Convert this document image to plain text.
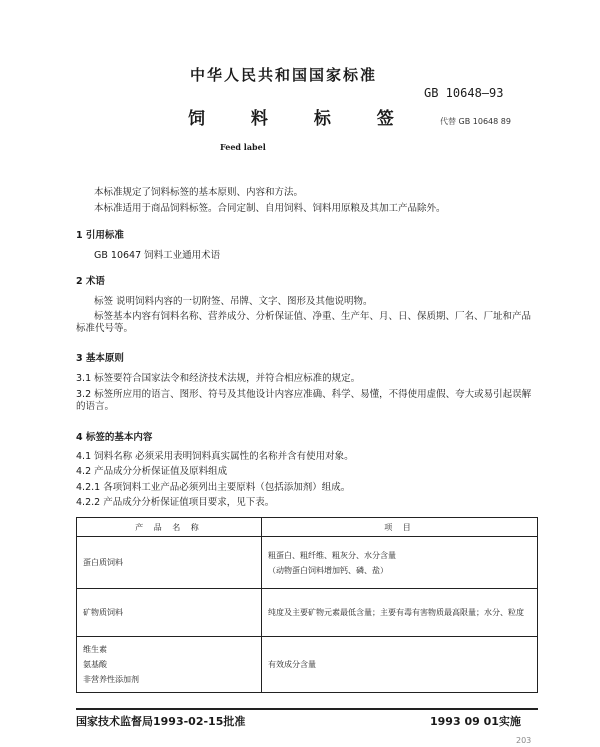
中华人民共和国国家标准
GB 10648—93
饲 料 标 签	代替 GB 10648 89
Feed label
本标准规定了饲料标签的基本原则、内容和方法。
本标准适用于商品饲料标签。合同定制、自用饲料、饲料用原粮及其加工产品除外。
1 引用标准
GB 10647 饲料工业通用术语
2 术语
标签 说明饲料内容的一切附签、吊牌、文字、图形及其他说明物。
标签基本内容有饲料名称、营养成分、分析保证值、净重、生产年、月、日、保质期、厂名、厂址和产品标准代号等。
3 基本原则
3.1 标签要符合国家法令和经济技术法规，并符合相应标准的规定。
3.2 标签所应用的语言、图形、符号及其他设计内容应准确、科学、易懂，不得使用虚假、夸大或易引起误解的语言。
4 标签的基本内容
4.1 饲料名称 必须采用表明饲料真实属性的名称并含有使用对象。
4.2 产品成分分析保证值及原料组成
4.2.1 各项饲料工业产品必须列出主要原料（包括添加剂）组成。
4.2.2 产品成分分析保证值项目要求，见下表。
产 品 名 称	项 目
蛋白质饲料	粗蛋白、粗纤维、粗灰分、水分含量
（动物蛋白饲料增加钙、磷、盐）

矿物质饲料	纯度及主要矿物元素最低含量；主要有毒有害物质最高限量；水分、粒度

维生素
氨基酸
非营养性添加剂	有效成分含量
国家技术监督局1993-02-15批准	1993 09 01实施
203
